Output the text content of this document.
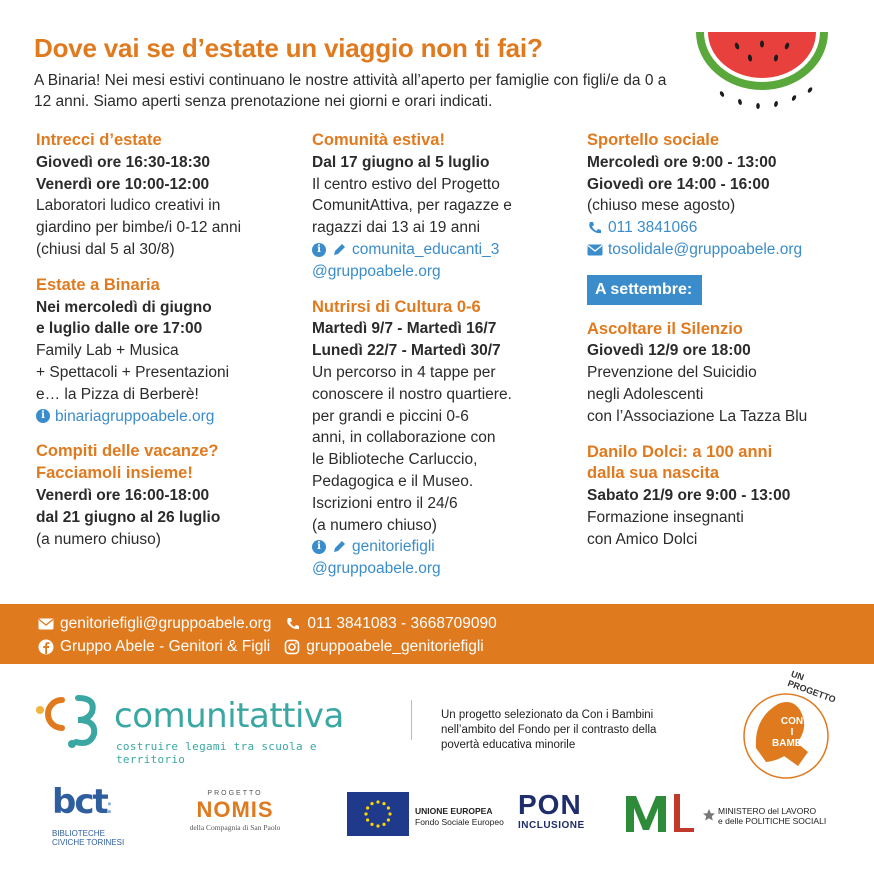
Dove vai se d’estate un viaggio non ti fai?
A Binaria! Nei mesi estivi continuano le nostre attività all’aperto per famiglie con figli/e da 0 a 12 anni. Siamo aperti senza prenotazione nei giorni e orari indicati.
Intrecci d’estate
Giovedì ore 16:30-18:30
Venerdì ore 10:00-12:00
Laboratori ludico creativi in
giardino per bimbe/i 0-12 anni
(chiusi dal 5 al 30/8)
Estate a Binaria
Nei mercoledì di giugno
e luglio dalle ore 17:00
Family Lab + Musica
+ Spettacoli + Presentazioni
e… la Pizza di Berberè!
i binariagruppoabele.org
Compiti delle vacanze?
Facciamoli insieme!
Venerdì ore 16:00-18:00
dal 21 giugno al 26 luglio
(a numero chiuso)
Comunità estiva!
Dal 17 giugno al 5 luglio
Il centro estivo del Progetto
ComunitAttiva, per ragazze e
ragazzi dai 13 ai 19 anni
i	comunita_educanti_3
@gruppoabele.org
Nutrirsi di Cultura 0-6
Martedì 9/7 - Martedì 16/7
Lunedì 22/7 - Martedì 30/7
Un percorso in 4 tappe per
conoscere il nostro quartiere.
per grandi e piccini 0-6
anni, in collaborazione con
le Biblioteche Carluccio,
Pedagogica e il Museo.
Iscrizioni entro il 24/6
(a numero chiuso)
i	genitoriefigli
@gruppoabele.org
Sportello sociale
Mercoledì ore 9:00 - 13:00
Giovedì ore 14:00 - 16:00
(chiuso mese agosto)
011 3841066
tosolidale@gruppoabele.org
A settembre:
Ascoltare il Silenzio
Giovedì 12/9 ore 18:00
Prevenzione del Suicidio
negli Adolescenti
con l’Associazione La Tazza Blu
Danilo Dolci: a 100 anni
dalla sua nascita
Sabato 21/9 ore 9:00 - 13:00
Formazione insegnanti
con Amico Dolci
genitoriefigli@gruppoabele.org 011 3841083 - 3668709090
Gruppo Abele - Genitori & Figli gruppoabele_genitoriefigli
comunitattiva
costruire legami tra scuola e territorio
Un progetto selezionato da Con i Bambini nell’ambito del Fondo per il contrasto della povertà educativa minorile
UN PROGETTO
CON
I BAMBINI
bct⁚
BIBLIOTECHE
CIVICHE TORINESI
PROGETTO
NOMIS
della Compagnia di San Paolo
UNIONE EUROPEA
Fondo Sociale Europeo
PON
INCLUSIONE
MINISTERO del LAVORO
e delle POLITICHE SOCIALI
